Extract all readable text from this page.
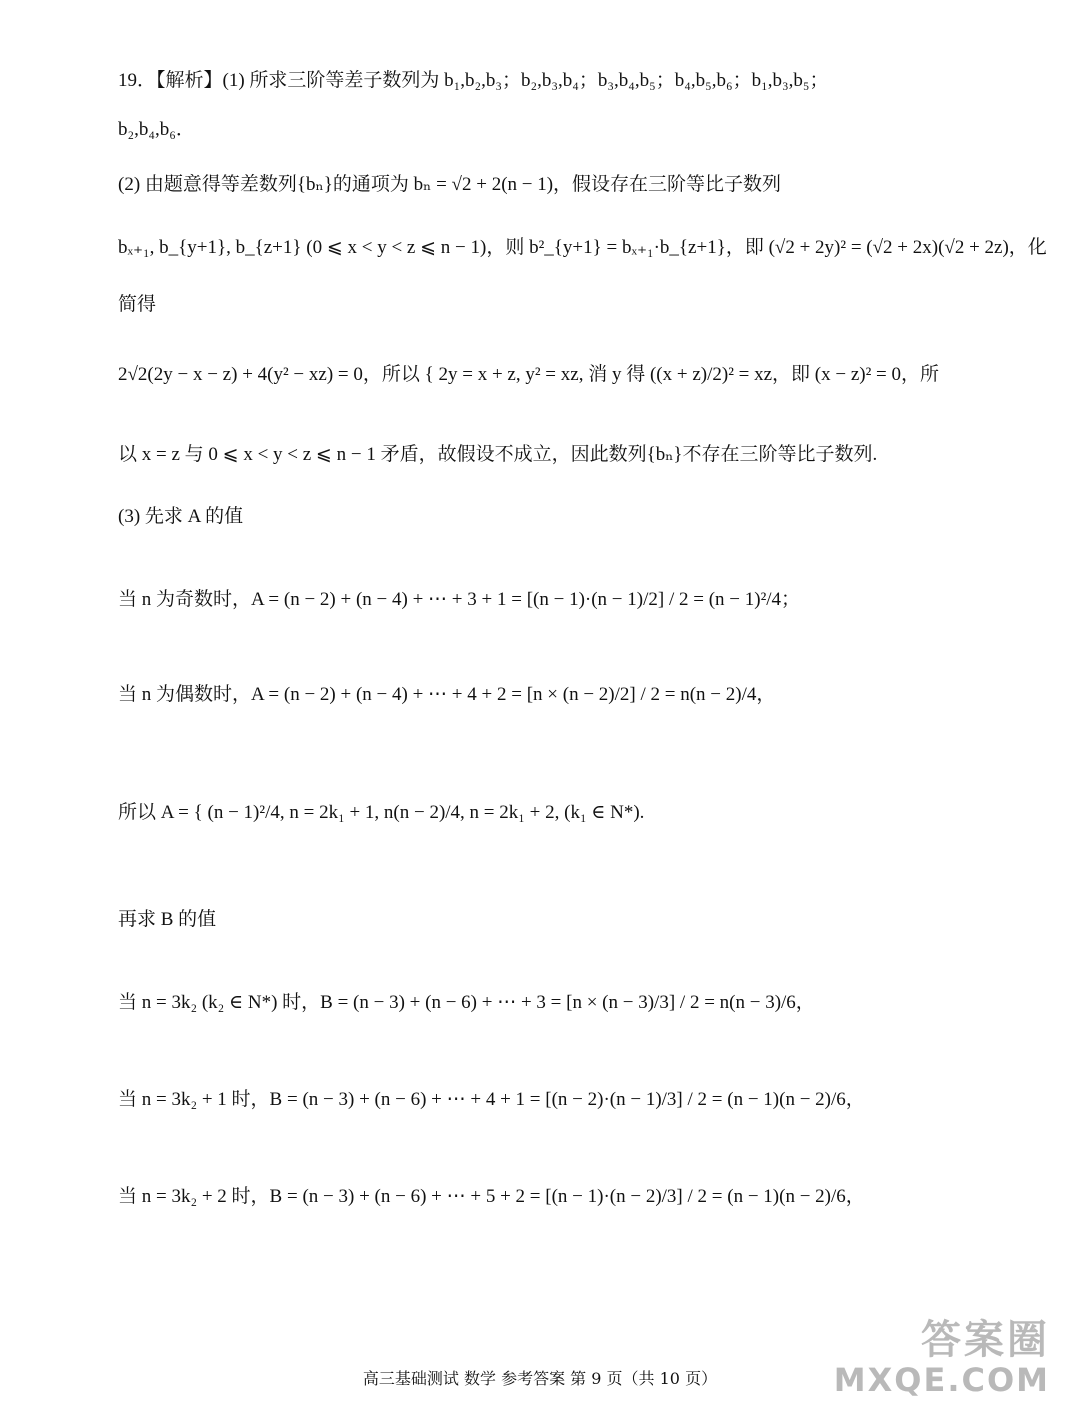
19．【解析】(1) 所求三阶等差子数列为 b₁,b₂,b₃；b₂,b₃,b₄；b₃,b₄,b₅；b₄,b₅,b₆；b₁,b₃,b₅；
b₂,b₄,b₆．
(2) 由题意得等差数列{bₙ}的通项为 bₙ = √2 + 2(n − 1)，假设存在三阶等比子数列
bₓ₊₁, b_{y+1}, b_{z+1} (0 ⩽ x < y < z ⩽ n − 1)，则 b²_{y+1} = bₓ₊₁·b_{z+1}，即 (√2 + 2y)² = (√2 + 2x)(√2 + 2z)，化
简得
2√2(2y − x − z) + 4(y² − xz) = 0，所以 { 2y = x + z, y² = xz, 消 y 得 ((x + z)/2)² = xz，即 (x − z)² = 0，所
以 x = z 与 0 ⩽ x < y < z ⩽ n − 1 矛盾，故假设不成立，因此数列{bₙ}不存在三阶等比子数列.
(3) 先求 A 的值
当 n 为奇数时，A = (n − 2) + (n − 4) + ⋯ + 3 + 1 = [(n − 1)·(n − 1)/2] / 2 = (n − 1)²/4；
当 n 为偶数时，A = (n − 2) + (n − 4) + ⋯ + 4 + 2 = [n × (n − 2)/2] / 2 = n(n − 2)/4，
所以 A = { (n − 1)²/4, n = 2k₁ + 1, n(n − 2)/4, n = 2k₁ + 2, (k₁ ∈ N*).
再求 B 的值
当 n = 3k₂ (k₂ ∈ N*) 时，B = (n − 3) + (n − 6) + ⋯ + 3 = [n × (n − 3)/3] / 2 = n(n − 3)/6，
当 n = 3k₂ + 1 时，B = (n − 3) + (n − 6) + ⋯ + 4 + 1 = [(n − 2)·(n − 1)/3] / 2 = (n − 1)(n − 2)/6，
当 n = 3k₂ + 2 时，B = (n − 3) + (n − 6) + ⋯ + 5 + 2 = [(n − 1)·(n − 2)/3] / 2 = (n − 1)(n − 2)/6，
高三基础测试 数学 参考答案 第 9 页（共 10 页）
答案圈
MXQE.COM
